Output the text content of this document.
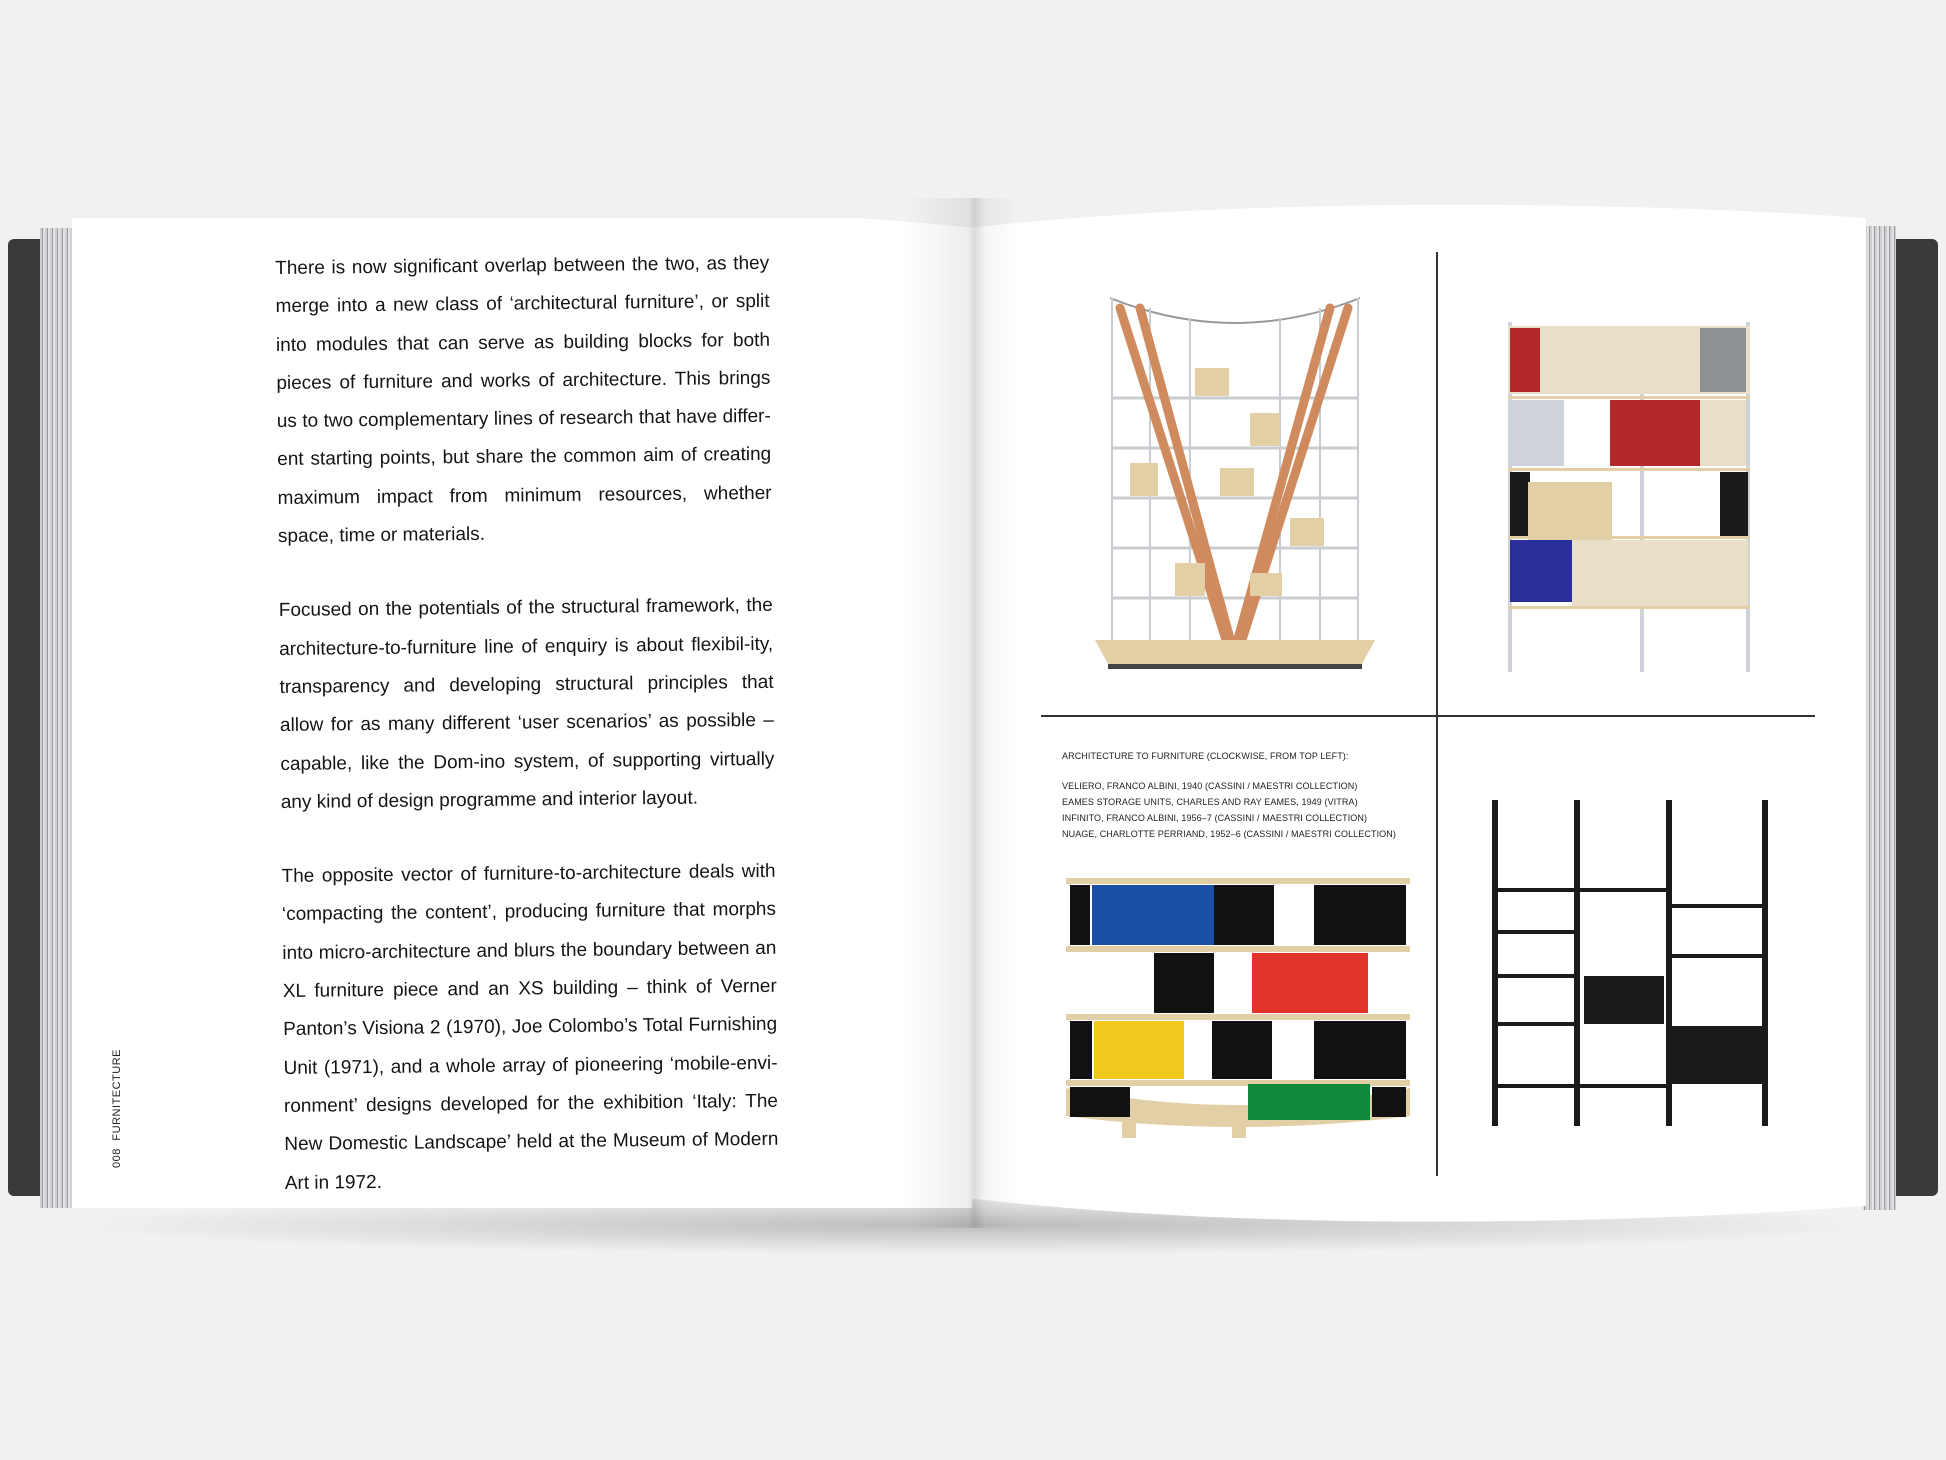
There is now significant overlap between the two, as they merge into a new class of ‘architectural furniture’, or split into modules that can serve as building blocks for both pieces of furniture and works of architecture. This brings us to two complementary lines of research that have differ-ent starting points, but share the common aim of creating maximum impact from minimum resources, whether space, time or materials.

Focused on the potentials of the structural framework, the architecture-to-furniture line of enquiry is about flexibil-ity, transparency and developing structural principles that allow for as many different ‘user scenarios’ as possible – capable, like the Dom-ino system, of supporting virtually any kind of design programme and interior layout.

The opposite vector of furniture-to-architecture deals with ‘compacting the content’, producing furniture that morphs into micro-architecture and blurs the boundary between an XL furniture piece and an XS building – think of Verner Panton’s Visiona 2 (1970), Joe Colombo’s Total Furnishing Unit (1971), and a whole array of pioneering ‘mobile-envi-ronment’ designs developed for the exhibition ‘Italy: The New Domestic Landscape’ held at the Museum of Modern Art in 1972.

008 FURNITECTURE
ARCHITECTURE TO FURNITURE (CLOCKWISE, FROM TOP LEFT):
VELIERO, FRANCO ALBINI, 1940 (CASSINI / MAESTRI COLLECTION)
EAMES STORAGE UNITS, CHARLES AND RAY EAMES, 1949 (VITRA)
INFINITO, FRANCO ALBINI, 1956–7 (CASSINI / MAESTRI COLLECTION)
NUAGE, CHARLOTTE PERRIAND, 1952–6 (CASSINI / MAESTRI COLLECTION)
